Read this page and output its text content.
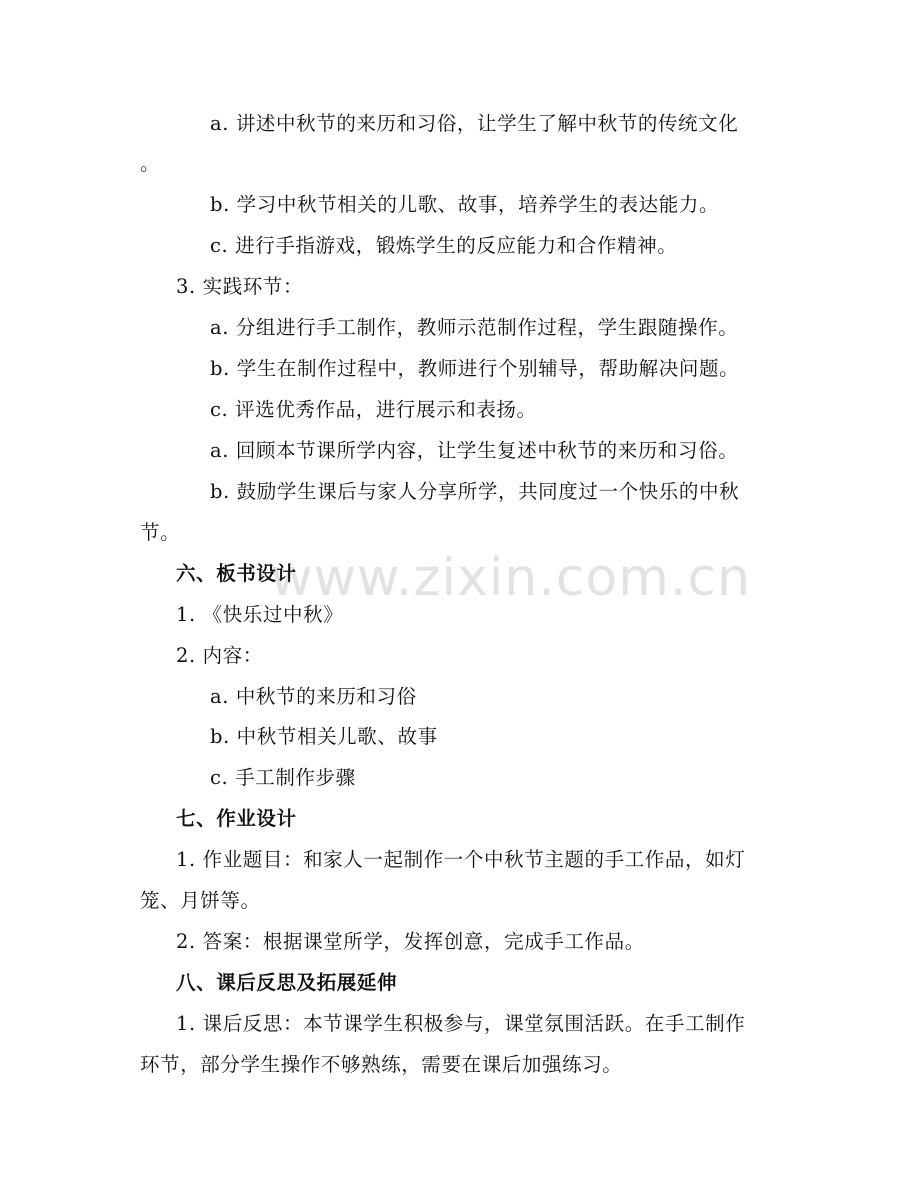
www.zixin.com.cn
a. 讲述中秋节的来历和习俗，让学生了解中秋节的传统文化
。
b. 学习中秋节相关的儿歌、故事，培养学生的表达能力。
c. 进行手指游戏，锻炼学生的反应能力和合作精神。
3. 实践环节：
a. 分组进行手工制作，教师示范制作过程，学生跟随操作。
b. 学生在制作过程中，教师进行个别辅导，帮助解决问题。
c. 评选优秀作品，进行展示和表扬。
a. 回顾本节课所学内容，让学生复述中秋节的来历和习俗。
b. 鼓励学生课后与家人分享所学，共同度过一个快乐的中秋
节。
六、板书设计
1. 《快乐过中秋》
2. 内容：
a. 中秋节的来历和习俗
b. 中秋节相关儿歌、故事
c. 手工制作步骤
七、作业设计
1. 作业题目：和家人一起制作一个中秋节主题的手工作品，如灯
笼、月饼等。
2. 答案：根据课堂所学，发挥创意，完成手工作品。
八、课后反思及拓展延伸
1. 课后反思：本节课学生积极参与，课堂氛围活跃。在手工制作
环节，部分学生操作不够熟练，需要在课后加强练习。
